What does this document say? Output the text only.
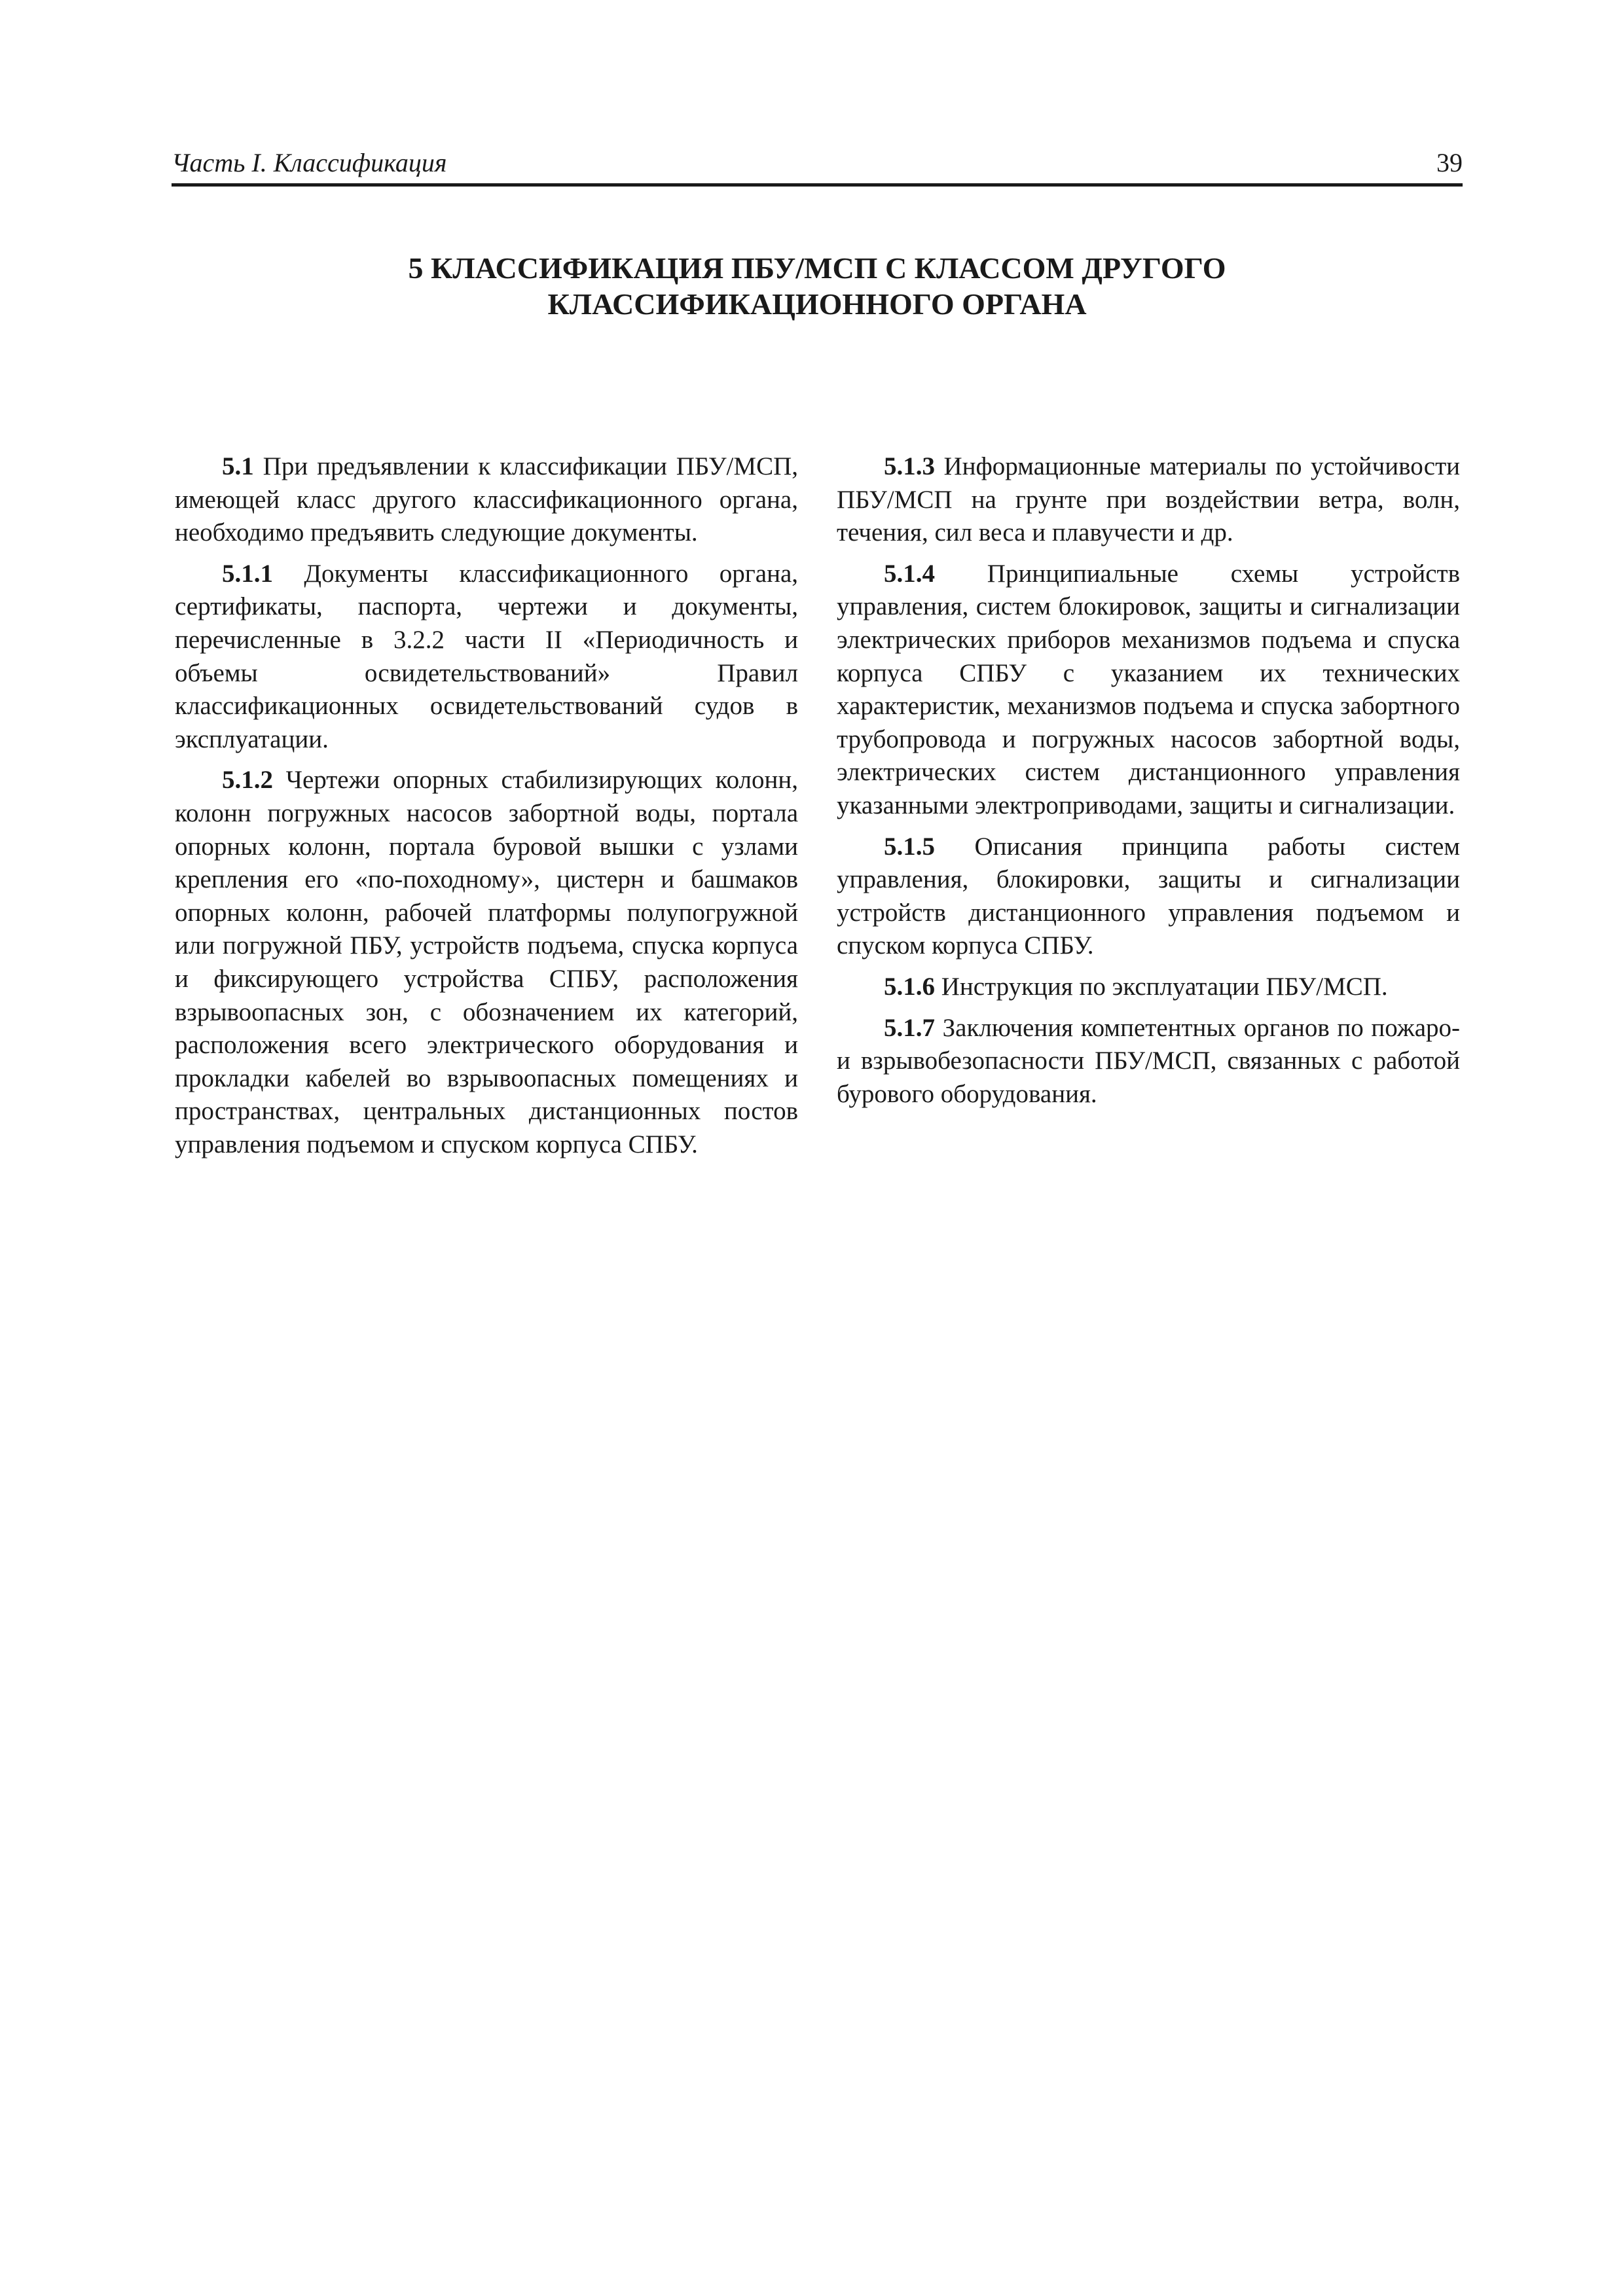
Часть I. Классификация	39
5 КЛАССИФИКАЦИЯ ПБУ/МСП С КЛАССОМ ДРУГОГО
КЛАССИФИКАЦИОННОГО ОРГАНА

5.1 При предъявлении к классификации ПБУ/МСП, имеющей класс другого классификационного органа, необходимо предъявить следующие документы.

5.1.1 Документы классификационного органа, сертификаты, паспорта, чертежи и документы, перечисленные в 3.2.2 части II «Периодичность и объемы освидетельствований» Правил классификационных освидетельствований судов в эксплуатации.

5.1.2 Чертежи опорных стабилизирующих колонн, колонн погружных насосов забортной воды, портала опорных колонн, портала буровой вышки с узлами крепления его «по-походному», цистерн и башмаков опорных колонн, рабочей платформы полупогружной или погружной ПБУ, устройств подъема, спуска корпуса и фиксирующего устройства СПБУ, расположения взрывоопасных зон, с обозначением их категорий, расположения всего электрического оборудования и прокладки кабелей во взрывоопасных помещениях и пространствах, центральных дистанционных постов управления подъемом и спуском корпуса СПБУ.

5.1.3 Информационные материалы по устойчивости ПБУ/МСП на грунте при воздействии ветра, волн, течения, сил веса и плавучести и др.

5.1.4 Принципиальные схемы устройств управления, систем блокировок, защиты и сигнализации электрических приборов механизмов подъема и спуска корпуса СПБУ с указанием их технических характеристик, механизмов подъема и спуска забортного трубопровода и погружных насосов забортной воды, электрических систем дистанционного управления указанными электроприводами, защиты и сигнализации.

5.1.5 Описания принципа работы систем управления, блокировки, защиты и сигнализации устройств дистанционного управления подъемом и спуском корпуса СПБУ.

5.1.6 Инструкция по эксплуатации ПБУ/МСП.

5.1.7 Заключения компетентных органов по пожаро- и взрывобезопасности ПБУ/МСП, связанных с работой бурового оборудования.
